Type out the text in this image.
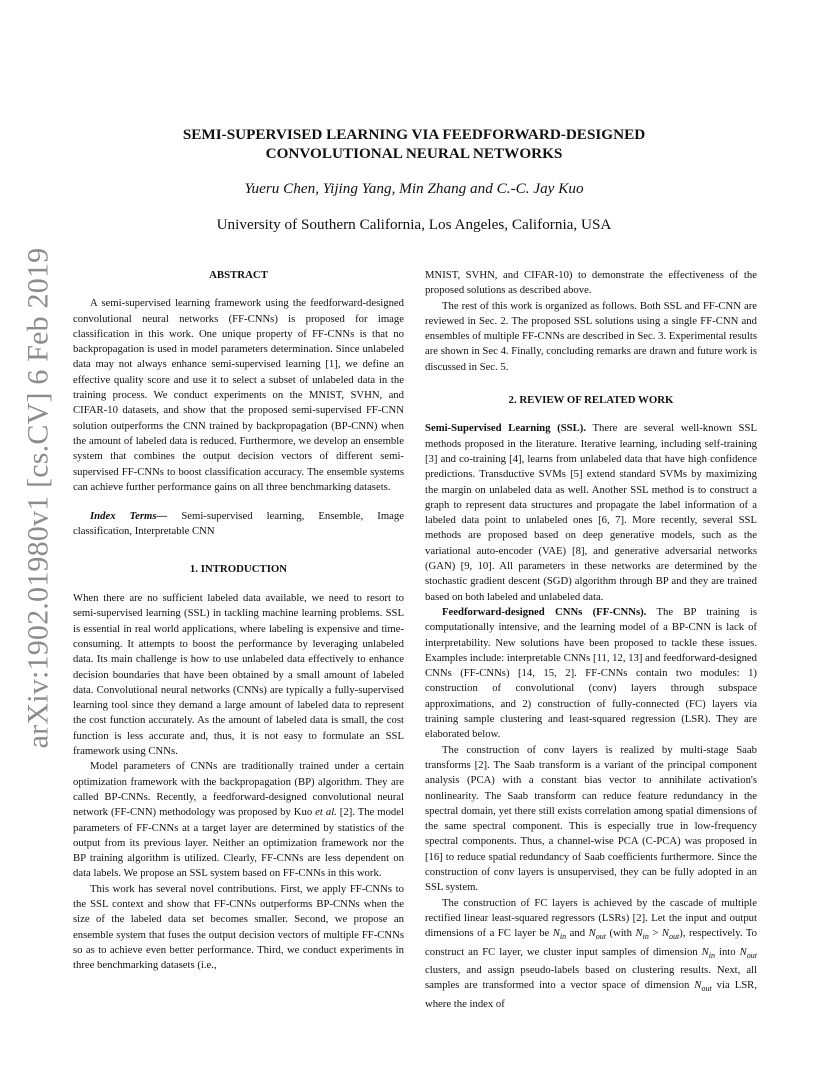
arXiv:1902.01980v1 [cs.CV] 6 Feb 2019
SEMI-SUPERVISED LEARNING VIA FEEDFORWARD-DESIGNED
CONVOLUTIONAL NEURAL NETWORKS
Yueru Chen, Yijing Yang, Min Zhang and C.-C. Jay Kuo
University of Southern California, Los Angeles, California, USA

ABSTRACT

A semi-supervised learning framework using the feedforward-designed convolutional neural networks (FF-CNNs) is proposed for image classification in this work. One unique property of FF-CNNs is that no backpropagation is used in model parameters determination. Since unlabeled data may not always enhance semi-supervised learning [1], we define an effective quality score and use it to select a subset of unlabeled data in the training process. We conduct experiments on the MNIST, SVHN, and CIFAR-10 datasets, and show that the proposed semi-supervised FF-CNN solution outperforms the CNN trained by backpropagation (BP-CNN) when the amount of labeled data is reduced. Furthermore, we develop an ensemble system that combines the output decision vectors of different semi-supervised FF-CNNs to boost classification accuracy. The ensemble systems can achieve further performance gains on all three benchmarking datasets.

Index Terms— Semi-supervised learning, Ensemble, Image classification, Interpretable CNN

1. INTRODUCTION

When there are no sufficient labeled data available, we need to resort to semi-supervised learning (SSL) in tackling machine learning problems. SSL is essential in real world applications, where labeling is expensive and time-consuming. It attempts to boost the performance by leveraging unlabeled data. Its main challenge is how to use unlabeled data effectively to enhance decision boundaries that have been obtained by a small amount of labeled data. Convolutional neural networks (CNNs) are typically a fully-supervised learning tool since they demand a large amount of labeled data to represent the cost function accurately. As the amount of labeled data is small, the cost function is less accurate and, thus, it is not easy to formulate an SSL framework using CNNs.

Model parameters of CNNs are traditionally trained under a certain optimization framework with the backpropagation (BP) algorithm. They are called BP-CNNs. Recently, a feedforward-designed convolutional neural network (FF-CNN) methodology was proposed by Kuo et al. [2]. The model parameters of FF-CNNs at a target layer are determined by statistics of the output from its previous layer. Neither an optimization framework nor the BP training algorithm is utilized. Clearly, FF-CNNs are less dependent on data labels. We propose an SSL system based on FF-CNNs in this work.

This work has several novel contributions. First, we apply FF-CNNs to the SSL context and show that FF-CNNs outperforms BP-CNNs when the size of the labeled data set becomes smaller. Second, we propose an ensemble system that fuses the output decision vectors of multiple FF-CNNs so as to achieve even better performance. Third, we conduct experiments in three benchmarking datasets (i.e.,

MNIST, SVHN, and CIFAR-10) to demonstrate the effectiveness of the proposed solutions as described above.

The rest of this work is organized as follows. Both SSL and FF-CNN are reviewed in Sec. 2. The proposed SSL solutions using a single FF-CNN and ensembles of multiple FF-CNNs are described in Sec. 3. Experimental results are shown in Sec 4. Finally, concluding remarks are drawn and future work is discussed in Sec. 5.

2. REVIEW OF RELATED WORK

Semi-Supervised Learning (SSL). There are several well-known SSL methods proposed in the literature. Iterative learning, including self-training [3] and co-training [4], learns from unlabeled data that have high confidence predictions. Transductive SVMs [5] extend standard SVMs by maximizing the margin on unlabeled data as well. Another SSL method is to construct a graph to represent data structures and propagate the label information of a labeled data point to unlabeled ones [6, 7]. More recently, several SSL methods are proposed based on deep generative models, such as the variational auto-encoder (VAE) [8], and generative adversarial networks (GAN) [9, 10]. All parameters in these networks are determined by the stochastic gradient descent (SGD) algorithm through BP and they are trained based on both labeled and unlabeled data.

Feedforward-designed CNNs (FF-CNNs). The BP training is computationally intensive, and the learning model of a BP-CNN is lack of interpretability. New solutions have been proposed to tackle these issues. Examples include: interpretable CNNs [11, 12, 13] and feedforward-designed CNNs (FF-CNNs) [14, 15, 2]. FF-CNNs contain two modules: 1) construction of convolutional (conv) layers through subspace approximations, and 2) construction of fully-connected (FC) layers via training sample clustering and least-squared regression (LSR). They are elaborated below.

The construction of conv layers is realized by multi-stage Saab transforms [2]. The Saab transform is a variant of the principal component analysis (PCA) with a constant bias vector to annihilate activation's nonlinearity. The Saab transform can reduce feature redundancy in the spectral domain, yet there still exists correlation among spatial dimensions of the same spectral component. This is especially true in low-frequency spectral components. Thus, a channel-wise PCA (C-PCA) was proposed in [16] to reduce spatial redundancy of Saab coefficients furthermore. Since the construction of conv layers is unsupervised, they can be fully adopted in an SSL system.

The construction of FC layers is achieved by the cascade of multiple rectified linear least-squared regressors (LSRs) [2]. Let the input and output dimensions of a FC layer be $N_{in}$ and $N_{out}$ (with $N_{in} > N_{out}$), respectively. To construct an FC layer, we cluster input samples of dimension $N_{in}$ into $N_{out}$ clusters, and assign pseudo-labels based on clustering results. Next, all samples are transformed into a vector space of dimension $N_{out}$ via LSR, where the index of
